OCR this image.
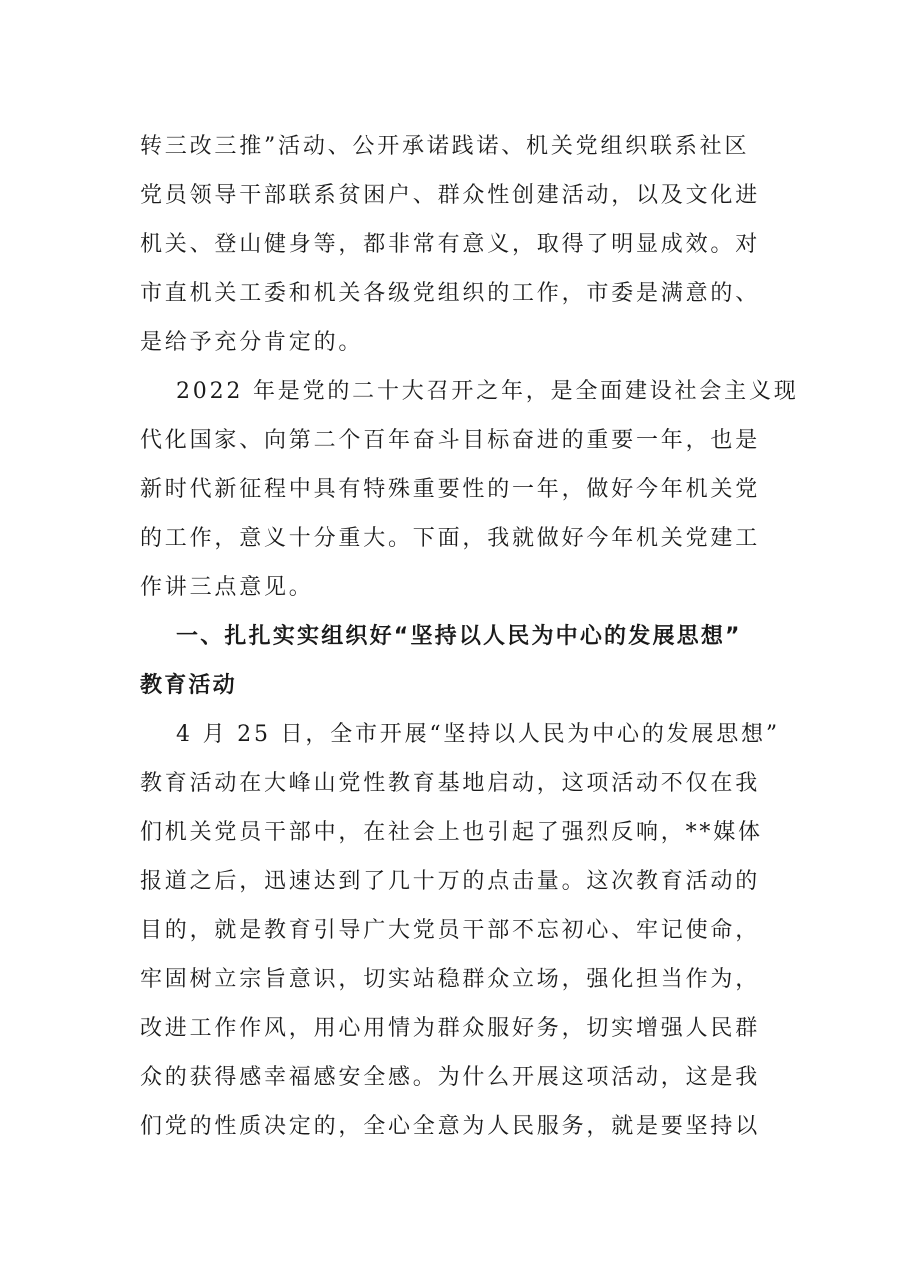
转三改三推”活动、公开承诺践诺、机关党组织联系社区
党员领导干部联系贫困户、群众性创建活动，以及文化进
机关、登山健身等，都非常有意义，取得了明显成效。对
市直机关工委和机关各级党组织的工作，市委是满意的、
是给予充分肯定的。
2022 年是党的二十大召开之年，是全面建设社会主义现
代化国家、向第二个百年奋斗目标奋进的重要一年，也是
新时代新征程中具有特殊重要性的一年，做好今年机关党
的工作，意义十分重大。下面，我就做好今年机关党建工
作讲三点意见。
一、扎扎实实组织好“坚持以人民为中心的发展思想”
教育活动
4 月 25 日，全市开展“坚持以人民为中心的发展思想”
教育活动在大峰山党性教育基地启动，这项活动不仅在我
们机关党员干部中，在社会上也引起了强烈反响，**媒体
报道之后，迅速达到了几十万的点击量。这次教育活动的
目的，就是教育引导广大党员干部不忘初心、牢记使命，
牢固树立宗旨意识，切实站稳群众立场，强化担当作为，
改进工作作风，用心用情为群众服好务，切实增强人民群
众的获得感幸福感安全感。为什么开展这项活动，这是我
们党的性质决定的，全心全意为人民服务，就是要坚持以
